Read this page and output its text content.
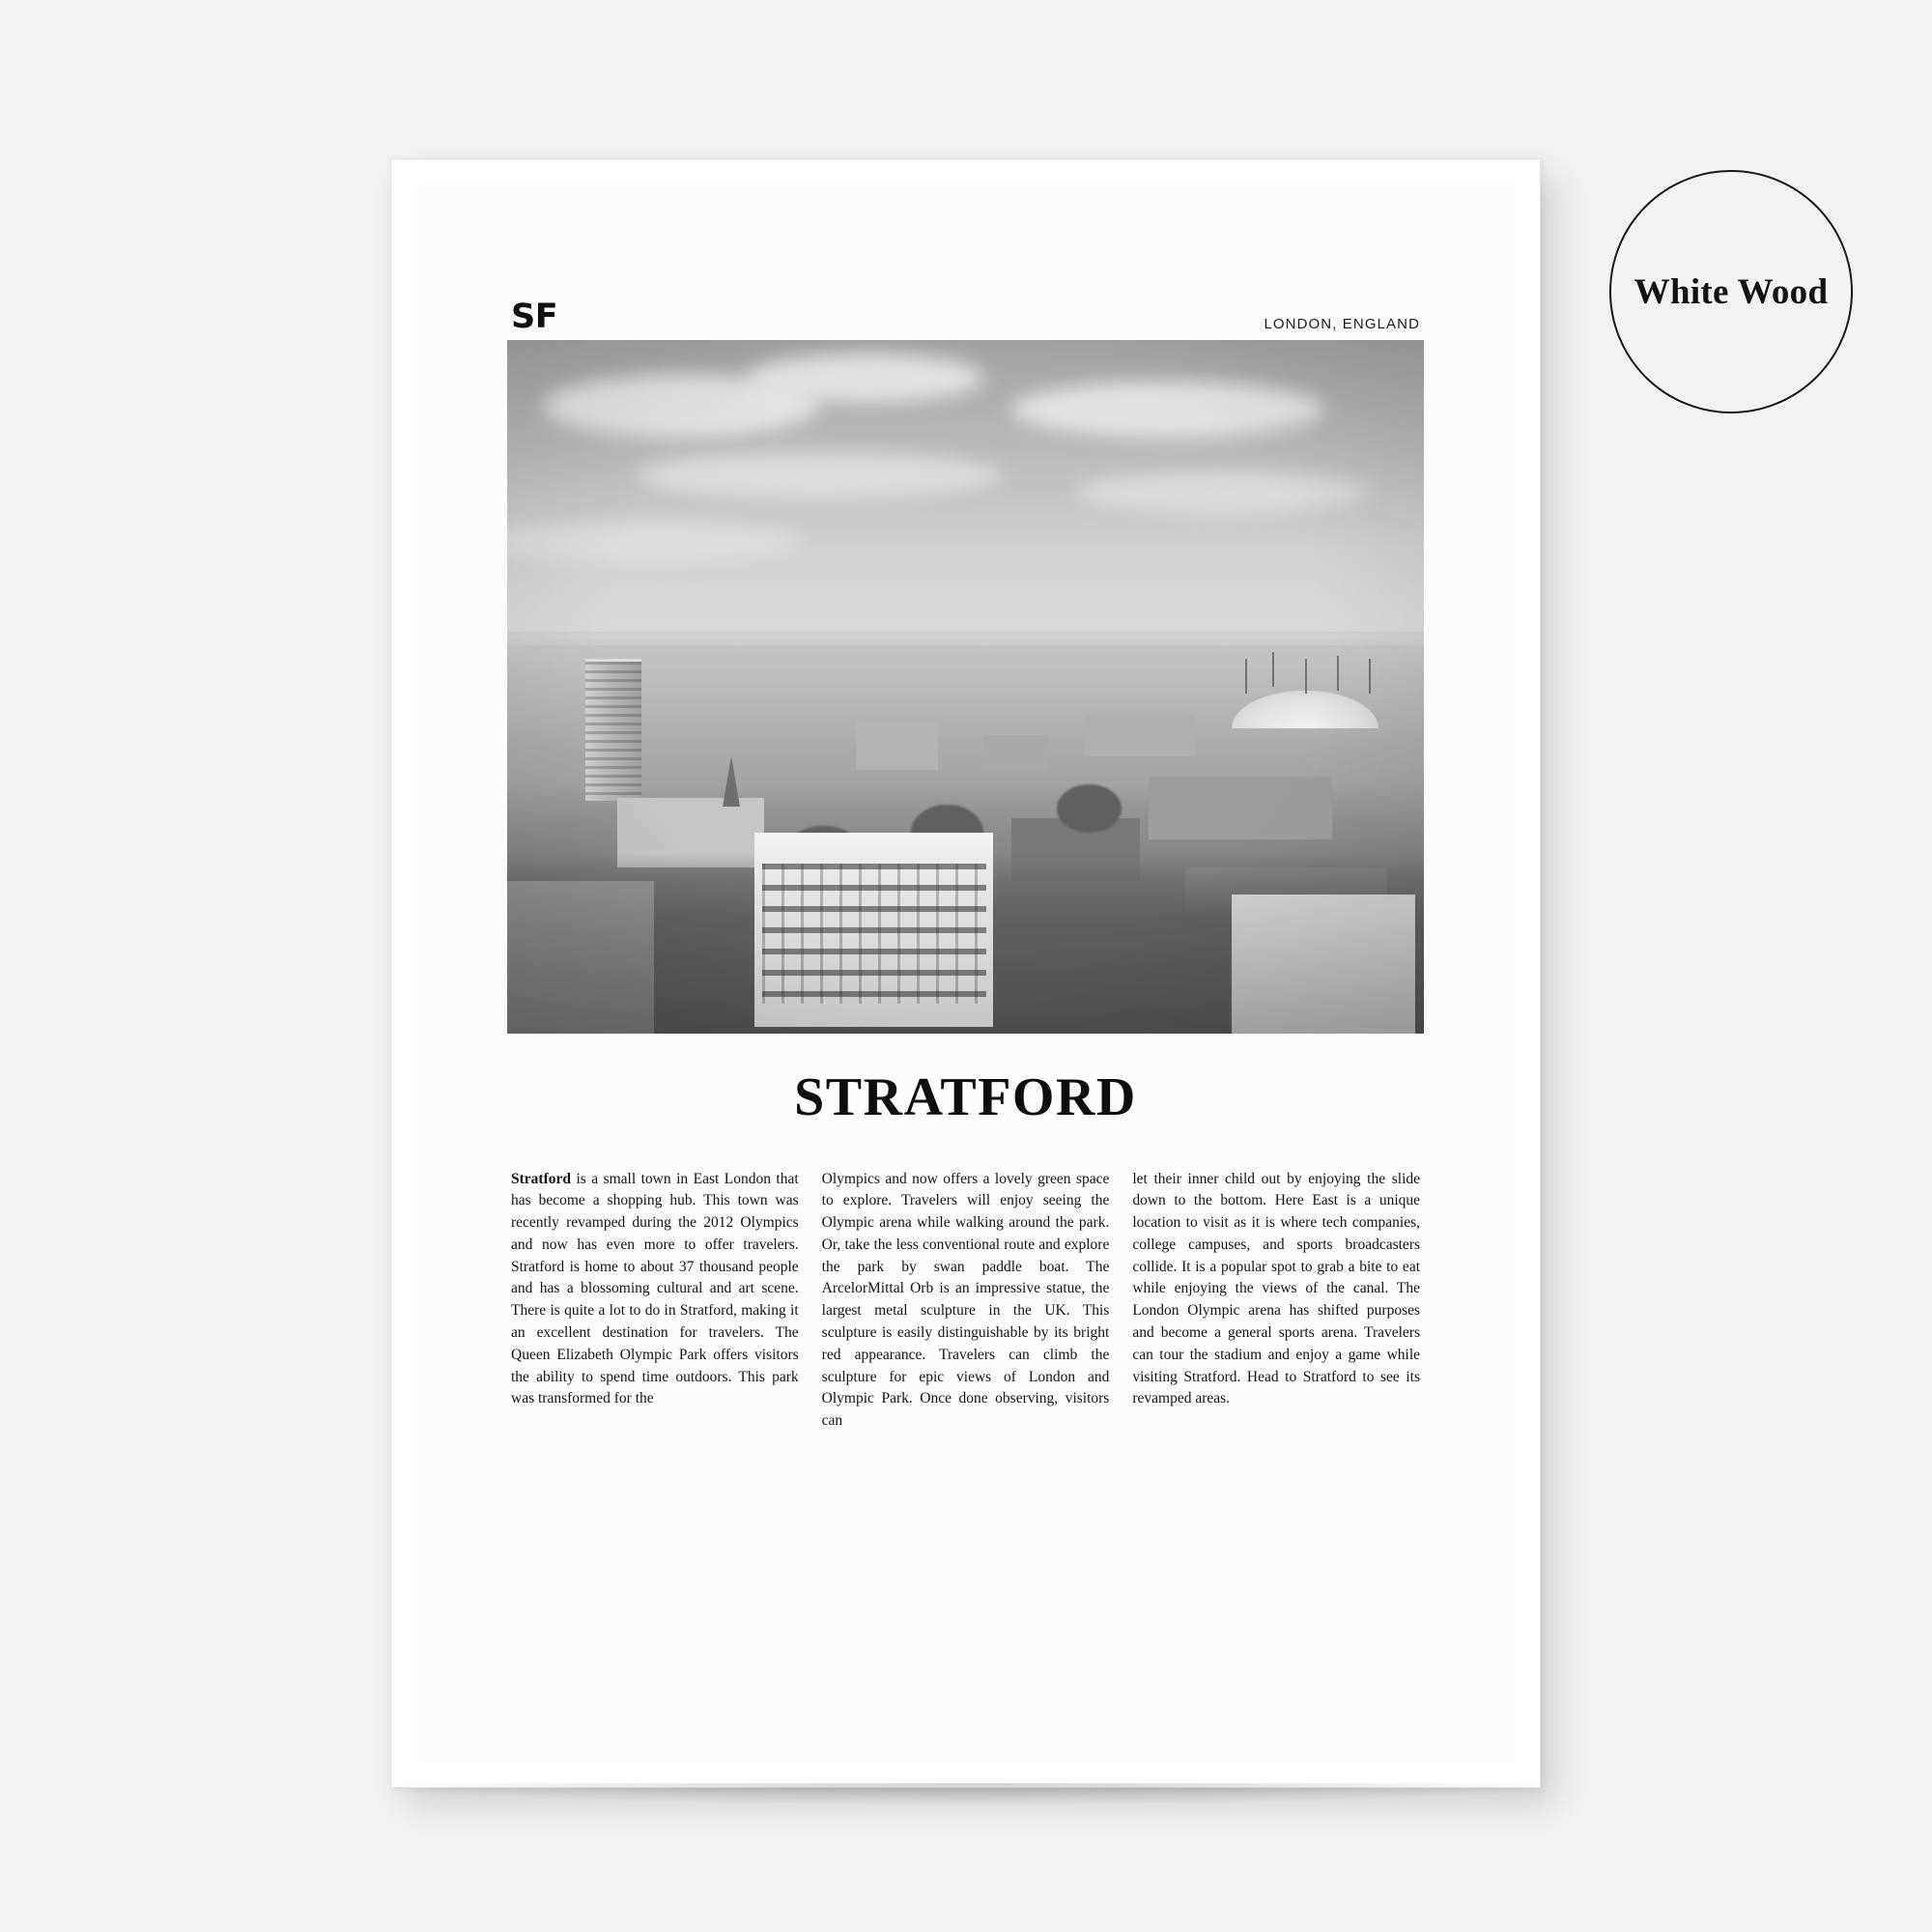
White Wood
SF	LONDON, ENGLAND
STRATFORD

Stratford is a small town in East London that has become a shopping hub. This town was recently revamped during the 2012 Olympics and now has even more to offer travelers. Stratford is home to about 37 thousand people and has a blossoming cultural and art scene. There is quite a lot to do in Stratford, making it an excellent destination for travelers. The Queen Elizabeth Olympic Park offers visitors the ability to spend time outdoors. This park was transformed for the

Olympics and now offers a lovely green space to explore. Travelers will enjoy seeing the Olympic arena while walking around the park. Or, take the less conventional route and explore the park by swan paddle boat. The ArcelorMittal Orb is an impressive statue, the largest metal sculpture in the UK. This sculpture is easily distinguishable by its bright red appearance. Travelers can climb the sculpture for epic views of London and Olympic Park. Once done observing, visitors can

let their inner child out by enjoying the slide down to the bottom. Here East is a unique location to visit as it is where tech companies, college campuses, and sports broadcasters collide. It is a popular spot to grab a bite to eat while enjoying the views of the canal. The London Olympic arena has shifted purposes and become a general sports arena. Travelers can tour the stadium and enjoy a game while visiting Stratford. Head to Stratford to see its revamped areas.
